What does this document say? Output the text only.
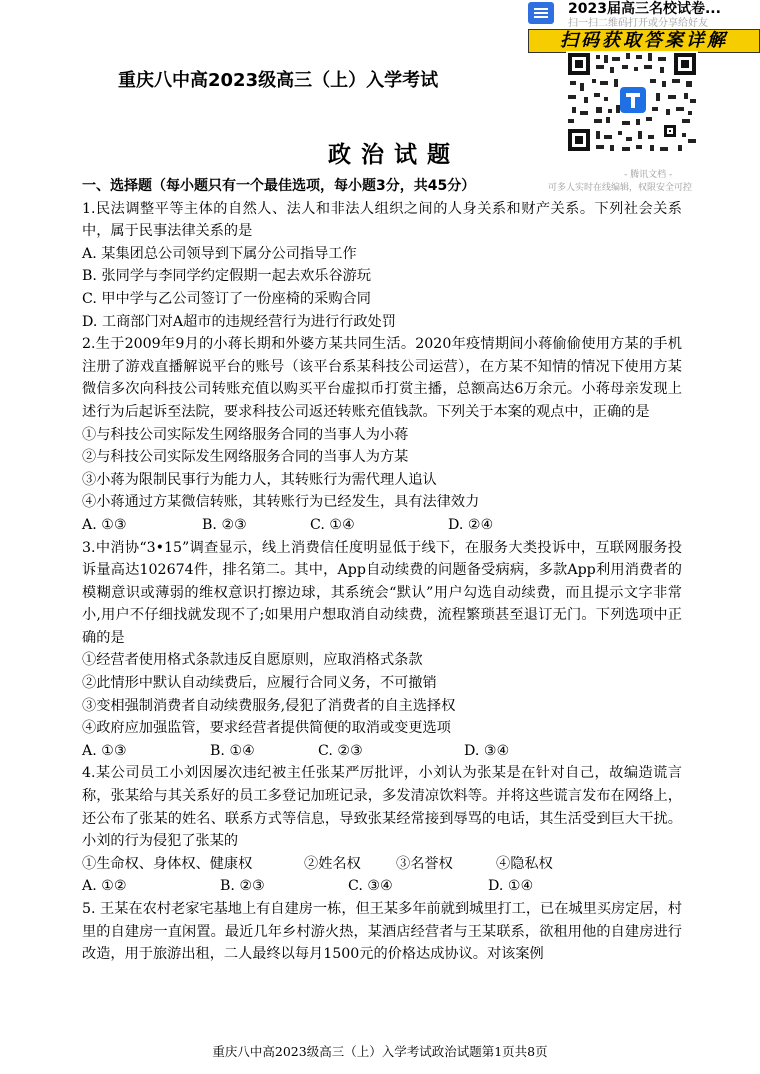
2023届高三名校试卷...
扫一扫二维码打开或分享给好友
扫码获取答案详解
- 腾讯文档 -
可多人实时在线编辑，权限安全可控
重庆八中高2023级高三（上）入学考试
政治试题

一、选择题（每小题只有一个最佳选项，每小题3分，共45分）

1.民法调整平等主体的自然人、法人和非法人组织之间的人身关系和财产关系。下列社会关系中，属于民事法律关系的是

A. 某集团总公司领导到下属分公司指导工作

B. 张同学与李同学约定假期一起去欢乐谷游玩

C. 甲中学与乙公司签订了一份座椅的采购合同

D. 工商部门对A超市的违规经营行为进行行政处罚

2.生于2009年9月的小蒋长期和外婆方某共同生活。2020年疫情期间小蒋偷偷使用方某的手机注册了游戏直播解说平台的账号（该平台系某科技公司运营），在方某不知情的情况下使用方某微信多次向科技公司转账充值以购买平台虚拟币打赏主播，总额高达6万余元。小蒋母亲发现上述行为后起诉至法院，要求科技公司返还转账充值钱款。下列关于本案的观点中，正确的是

①与科技公司实际发生网络服务合同的当事人为小蒋

②与科技公司实际发生网络服务合同的当事人为方某

③小蒋为限制民事行为能力人，其转账行为需代理人追认

④小蒋通过方某微信转账，其转账行为已经发生，具有法律效力

A. ①③	B. ②③	C. ①④	D. ②④

3.中消协“3•15”调查显示，线上消费信任度明显低于线下，在服务大类投诉中，互联网服务投诉量高达102674件，排名第二。其中，App自动续费的问题备受病病，多款App利用消费者的模糊意识或薄弱的维权意识打擦边球，其系统会“默认”用户勾选自动续费，而且提示文字非常小,用户不仔细找就发现不了;如果用户想取消自动续费，流程繁琐甚至退订无门。下列选项中正确的是

①经营者使用格式条款违反自愿原则，应取消格式条款

②此情形中默认自动续费后，应履行合同义务，不可撤销

③变相强制消费者自动续费服务,侵犯了消费者的自主选择权

④政府应加强监管，要求经营者提供简便的取消或变更选项

A. ①③	B. ①④	C. ②③	D. ③④

4.某公司员工小刘因屡次违纪被主任张某严厉批评，小刘认为张某是在针对自己，故编造谎言称，张某给与其关系好的员工多登记加班记录，多发清凉饮料等。并将这些谎言发布在网络上，还公布了张某的姓名、联系方式等信息，导致张某经常接到辱骂的电话，其生活受到巨大干扰。小刘的行为侵犯了张某的

①生命权、身体权、健康权	②姓名权	③名誉权	④隐私权

A. ①②	B. ②③	C. ③④	D. ①④

5. 王某在农村老家宅基地上有自建房一栋，但王某多年前就到城里打工，已在城里买房定居，村里的自建房一直闲置。最近几年乡村游火热，某酒店经营者与王某联系，欲租用他的自建房进行改造，用于旅游出租，二人最终以每月1500元的价格达成协议。对该案例

重庆八中高2023级高三（上）入学考试政治试题第1页共8页
